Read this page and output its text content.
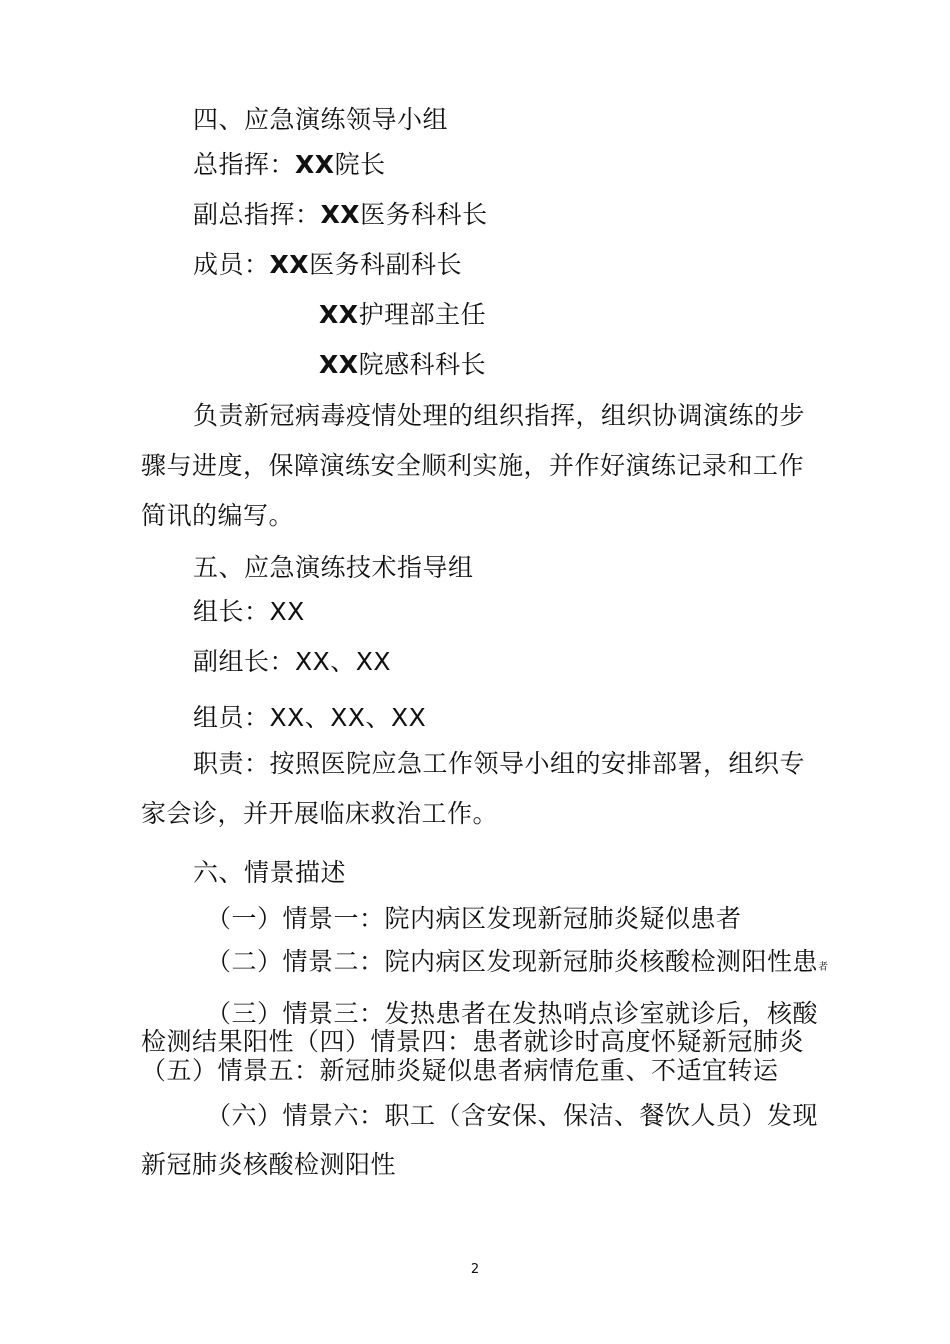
四、应急演练领导小组
总指挥：XX院长
副总指挥：XX医务科科长
成员：XX医务科副科长
XX护理部主任
XX院感科科长
负责新冠病毒疫情处理的组织指挥，组织协调演练的步
骤与进度，保障演练安全顺利实施，并作好演练记录和工作
简讯的编写。
五、应急演练技术指导组
组长：XX
副组长：XX、XX
组员：XX、XX、XX
职责：按照医院应急工作领导小组的安排部署，组织专
家会诊，并开展临床救治工作。
六、情景描述
（一）情景一：院内病区发现新冠肺炎疑似患者
（二）情景二：院内病区发现新冠肺炎核酸检测阳性患者
（三）情景三：发热患者在发热哨点诊室就诊后，核酸
检测结果阳性（四）情景四：患者就诊时高度怀疑新冠肺炎
（五）情景五：新冠肺炎疑似患者病情危重、不适宜转运
（六）情景六：职工（含安保、保洁、餐饮人员）发现
新冠肺炎核酸检测阳性
2
